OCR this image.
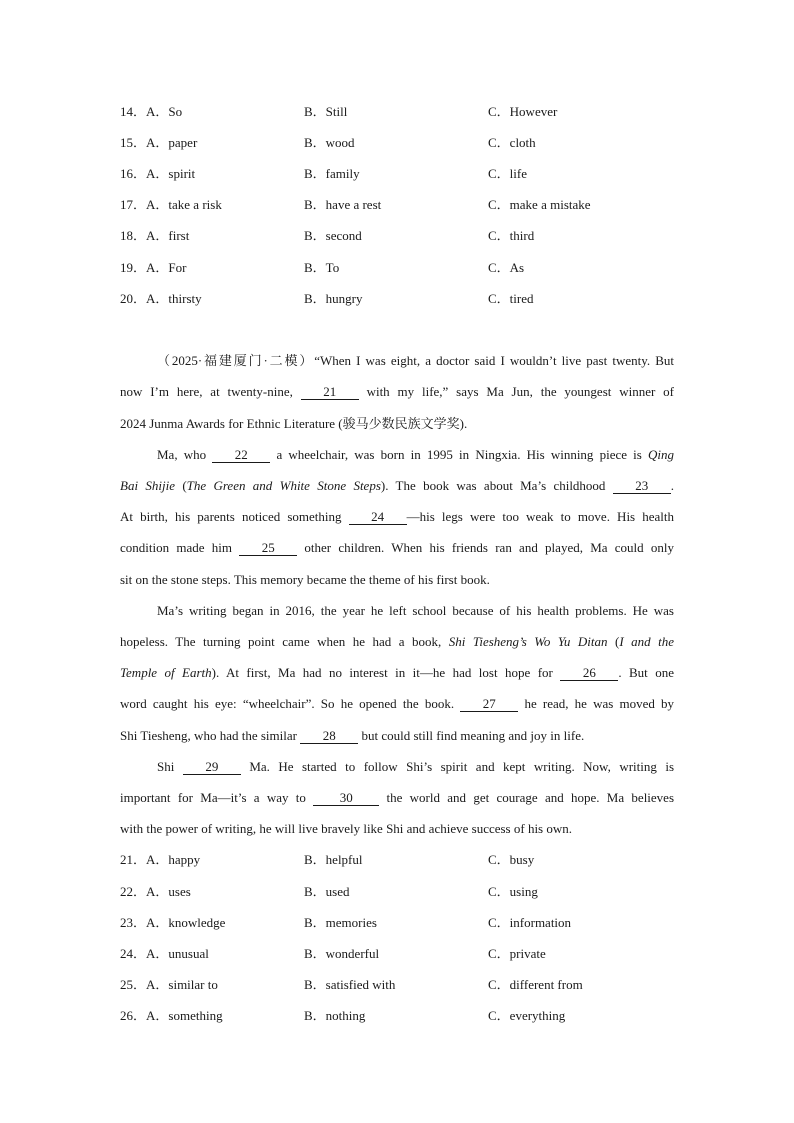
14．A．So	B．Still	C．However
15．A．paper	B．wood	C．cloth
16．A．spirit	B．family	C．life
17．A．take a risk	B．have a rest	C．make a mistake
18．A．first	B．second	C．third
19．A．For	B．To	C．As
20．A．thirsty	B．hungry	C．tired
（2025·福建厦门·二模）“When I was eight, a doctor said I wouldn’t live past twenty. But
now I’m here, at twenty-nine, 21 with my life,” says Ma Jun, the youngest winner of
2024 Junma Awards for Ethnic Literature (骏马少数民族文学奖).
Ma, who 22 a wheelchair, was born in 1995 in Ningxia. His winning piece is Qing
Bai Shijie (The Green and White Stone Steps). The book was about Ma’s childhood 23 .
At birth, his parents noticed something 24 —his legs were too weak to move. His health
condition made him 25 other children. When his friends ran and played, Ma could only
sit on the stone steps. This memory became the theme of his first book.
Ma’s writing began in 2016, the year he left school because of his health problems. He was
hopeless. The turning point came when he had a book, Shi Tiesheng’s Wo Yu Ditan (I and the
Temple of Earth). At first, Ma had no interest in it—he had lost hope for 26 . But one
word caught his eye: “wheelchair”. So he opened the book. 27 he read, he was moved by
Shi Tiesheng, who had the similar 28 but could still find meaning and joy in life.
Shi 29 Ma. He started to follow Shi’s spirit and kept writing. Now, writing is
important for Ma—it’s a way to	30	the world and get courage and hope. Ma believes
with the power of writing, he will live bravely like Shi and achieve success of his own.
21．A．happy	B．helpful	C．busy
22．A．uses	B．used	C．using
23．A．knowledge	B．memories	C．information
24．A．unusual	B．wonderful	C．private
25．A．similar to	B．satisfied with	C．different from
26．A．something	B．nothing	C．everything
